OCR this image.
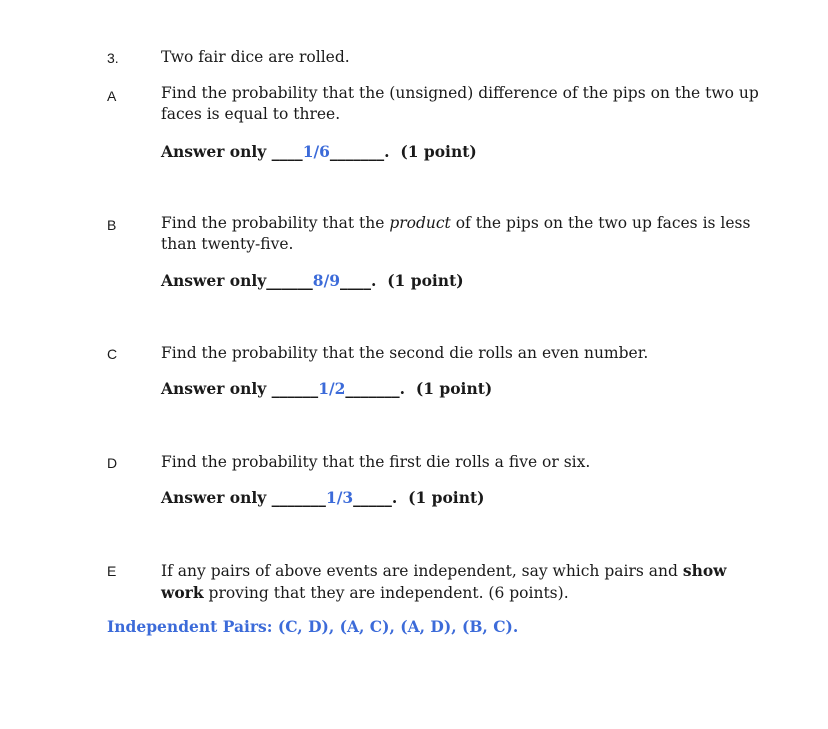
3.	Two fair dice are rolled.
A	Find the probability that the (unsigned) difference of the pips on the two up faces is equal to three.
Answer only ____1/6_______.  (1 point)
B	Find the probability that the product of the pips on the two up faces is less than twenty-five.
Answer only______8/9____.  (1 point)
C	Find the probability that the second die rolls an even number.
Answer only ______1/2_______.  (1 point)
D	Find the probability that the first die rolls a five or six.
Answer only _______1/3_____.  (1 point)
E	If any pairs of above events are independent, say which pairs and show
work proving that they are independent. (6 points).
Independent Pairs: (C, D), (A, C), (A, D), (B, C).
